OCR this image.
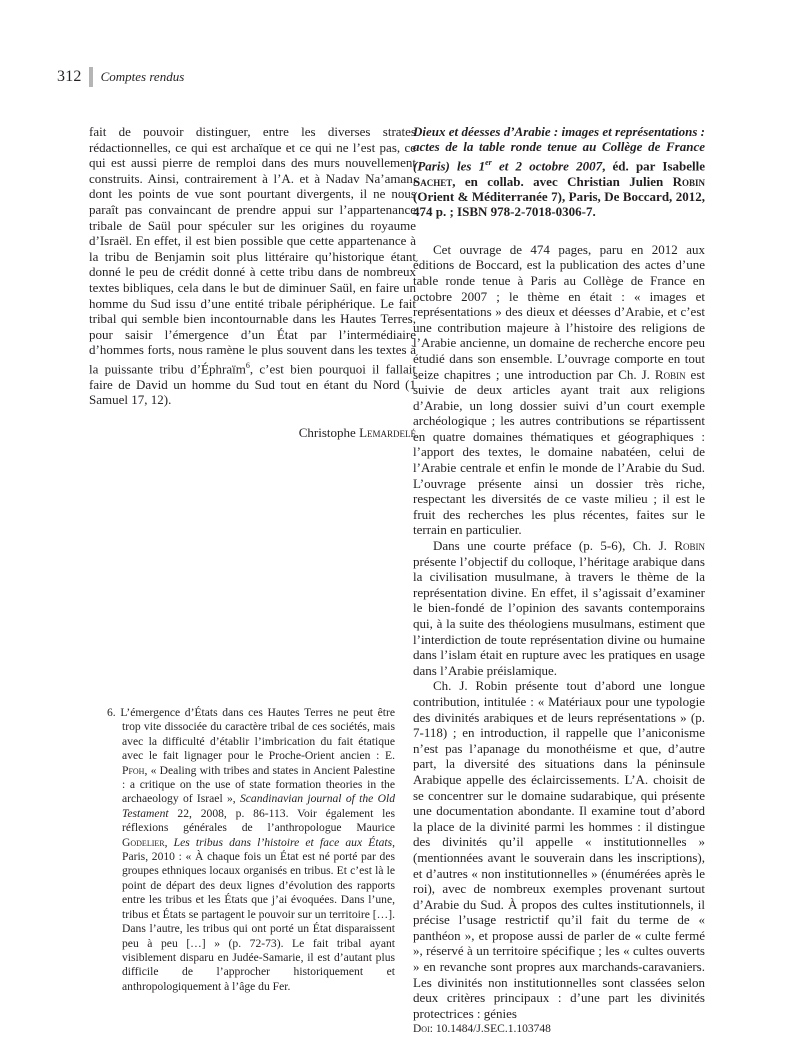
312 Comptes rendus

fait de pouvoir distinguer, entre les diverses strates rédactionnelles, ce qui est archaïque et ce qui ne l’est pas, ce qui est aussi pierre de remploi dans des murs nouvellement construits. Ainsi, contrairement à l’A. et à Nadav Na’aman, dont les points de vue sont pourtant divergents, il ne nous paraît pas convaincant de prendre appui sur l’appartenance tribale de Saül pour spéculer sur les origines du royaume d’Israël. En effet, il est bien possible que cette appartenance à la tribu de Benjamin soit plus littéraire qu’historique étant donné le peu de crédit donné à cette tribu dans de nombreux textes bibliques, cela dans le but de diminuer Saül, en faire un homme du Sud issu d’une entité tribale périphérique. Le fait tribal qui semble bien incontournable dans les Hautes Terres, pour saisir l’émergence d’un État par l’intermédiaire d’hommes forts, nous ramène le plus souvent dans les textes à la puissante tribu d’Éphraïm$^6$, c’est bien pourquoi il fallait faire de David un homme du Sud tout en étant du Nord (1 Samuel 17, 12).

Christophe Lemardelé

6. L’émergence d’États dans ces Hautes Terres ne peut être trop vite dissociée du caractère tribal de ces sociétés, mais avec la difficulté d’établir l’imbrication du fait étatique avec le fait lignager pour le Proche-Orient ancien : E. Pfoh, « Dealing with tribes and states in Ancient Palestine : a critique on the use of state formation theories in the archaeology of Israel », Scandinavian journal of the Old Testament 22, 2008, p. 86-113. Voir également les réflexions générales de l’anthropologue Maurice Godelier, Les tribus dans l’histoire et face aux États, Paris, 2010 : « À chaque fois un État est né porté par des groupes ethniques locaux organisés en tribus. Et c’est là le point de départ des deux lignes d’évolution des rapports entre les tribus et les États que j’ai évoquées. Dans l’une, tribus et États se partagent le pouvoir sur un territoire […]. Dans l’autre, les tribus qui ont porté un État disparaissent peu à peu […] » (p. 72-73). Le fait tribal ayant visiblement disparu en Judée-Samarie, il est d’autant plus difficile de l’approcher historiquement et anthropologiquement à l’âge du Fer.

Dieux et déesses d’Arabie : images et représentations : actes de la table ronde tenue au Collège de France (Paris) les 1er et 2 octobre 2007, éd. par Isabelle Sachet, en collab. avec Christian Julien Robin (Orient & Méditerranée 7), Paris, De Boccard, 2012, 474 p. ; ISBN 978-2-7018-0306-7.

Cet ouvrage de 474 pages, paru en 2012 aux éditions de Boccard, est la publication des actes d’une table ronde tenue à Paris au Collège de France en octobre 2007 ; le thème en était : « images et représentations » des dieux et déesses d’Arabie, et c’est une contribution majeure à l’histoire des religions de l’Arabie ancienne, un domaine de recherche encore peu étudié dans son ensemble. L’ouvrage comporte en tout seize chapitres ; une introduction par Ch. J. Robin est suivie de deux articles ayant trait aux religions d’Arabie, un long dossier suivi d’un court exemple archéologique ; les autres contributions se répartissent en quatre domaines thématiques et géographiques : l’apport des textes, le domaine nabatéen, celui de l’Arabie centrale et enfin le monde de l’Arabie du Sud. L’ouvrage présente ainsi un dossier très riche, respectant les diversités de ce vaste milieu ; il est le fruit des recherches les plus récentes, faites sur le terrain en particulier.

Dans une courte préface (p. 5-6), Ch. J. Robin présente l’objectif du colloque, l’héritage arabique dans la civilisation musulmane, à travers le thème de la représentation divine. En effet, il s’agissait d’examiner le bien-fondé de l’opinion des savants contemporains qui, à la suite des théologiens musulmans, estiment que l’interdiction de toute représentation divine ou humaine dans l’islam était en rupture avec les pratiques en usage dans l’Arabie préislamique.

Ch. J. Robin présente tout d’abord une longue contribution, intitulée : « Matériaux pour une typologie des divinités arabiques et de leurs représentations » (p. 7-118) ; en introduction, il rappelle que l’aniconisme n’est pas l’apanage du monothéisme et que, d’autre part, la diversité des situations dans la péninsule Arabique appelle des éclaircissements. L’A. choisit de se concentrer sur le domaine sudarabique, qui présente une documentation abondante. Il examine tout d’abord la place de la divinité parmi les hommes : il distingue des divinités qu’il appelle « institutionnelles » (mentionnées avant le souverain dans les inscriptions), et d’autres « non institutionnelles » (énumérées après le roi), avec de nombreux exemples provenant surtout d’Arabie du Sud. À propos des cultes institutionnels, il précise l’usage restrictif qu’il fait du terme de « panthéon », et propose aussi de parler de « culte fermé », réservé à un territoire spécifique ; les « cultes ouverts » en revanche sont propres aux marchands-caravaniers. Les divinités non institutionnelles sont classées selon deux critères principaux : d’une part les divinités protectrices : génies

Doi: 10.1484/J.SEC.1.103748
